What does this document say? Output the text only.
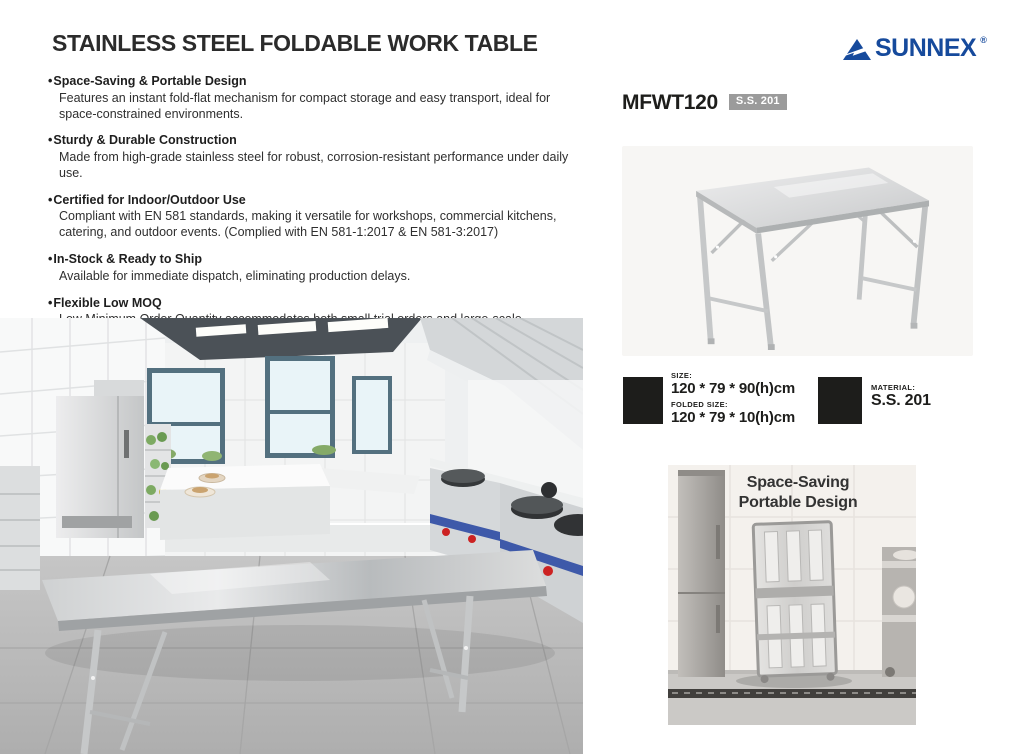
STAINLESS STEEL FOLDABLE WORK TABLE	SUNNEX ®
• Space-Saving & Portable Design
Features an instant fold-flat mechanism for compact storage and easy transport, ideal for space-constrained environments.
• Sturdy & Durable Construction
Made from high-grade stainless steel for robust, corrosion-resistant performance under daily use.
• Certified for Indoor/Outdoor Use
Compliant with EN 581 standards, making it versatile for workshops, commercial kitchens, catering, and outdoor events. (Complied with EN 581-1:2017 & EN 581-3:2017)
• In-Stock & Ready to Ship
Available for immediate dispatch, eliminating production delays.
• Flexible Low MOQ
MFWT120	S.S. 201
SIZE:
120 * 79 * 90(h)cm
FOLDED SIZE:
120 * 79 * 10(h)cm
MATERIAL:
S.S. 201
Space-Saving
Portable Design
